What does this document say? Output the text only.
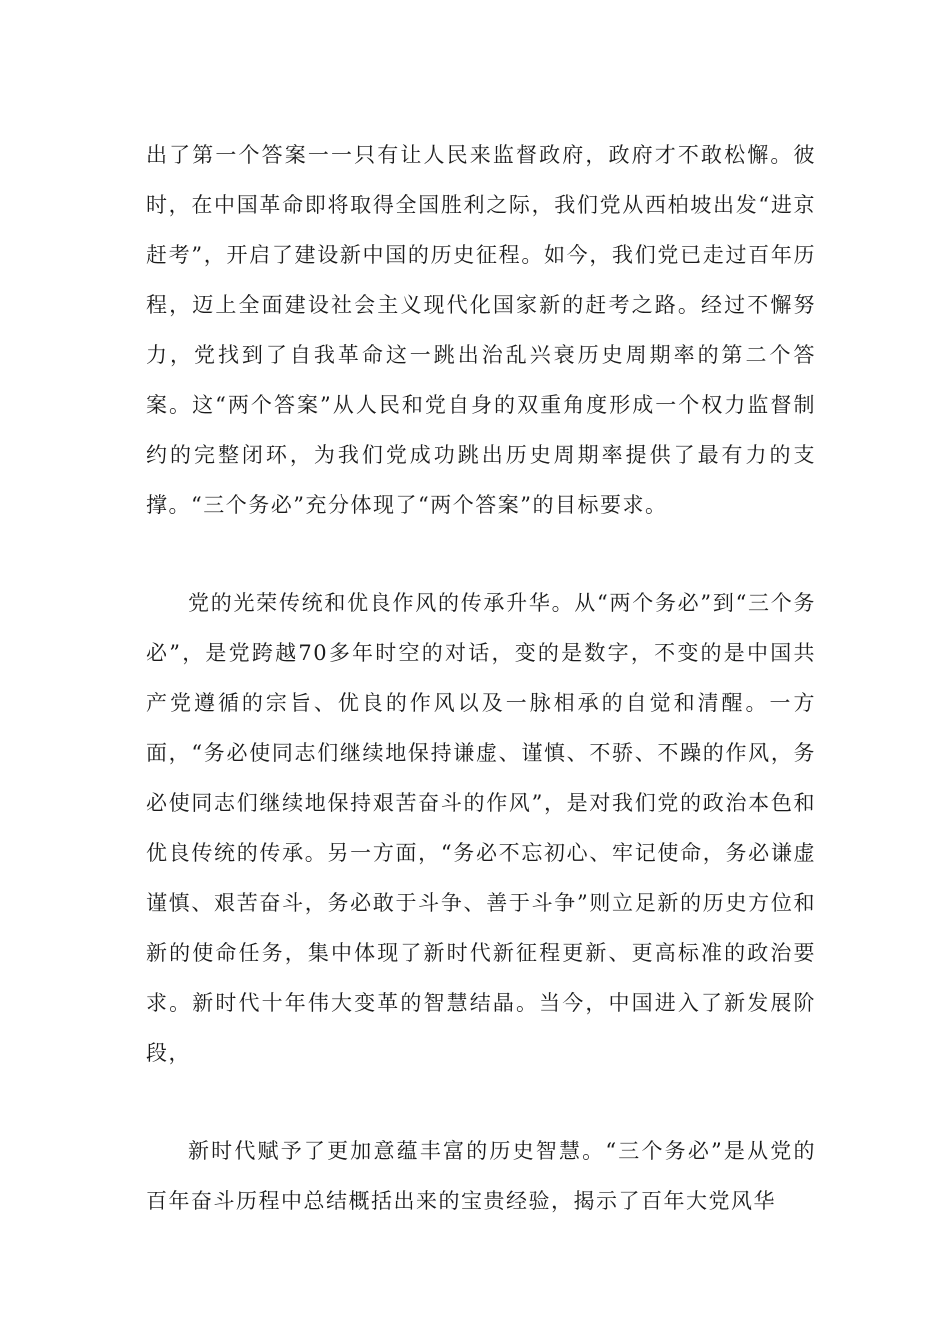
出了第一个答案一一只有让人民来监督政府，政府才不敢松懈。彼时，在中国革命即将取得全国胜利之际，我们党从西柏坡出发“进京赶考”，开启了建设新中国的历史征程。如今，我们党已走过百年历程，迈上全面建设社会主义现代化国家新的赶考之路。经过不懈努力，党找到了自我革命这一跳出治乱兴衰历史周期率的第二个答案。这“两个答案”从人民和党自身的双重角度形成一个权力监督制约的完整闭环，为我们党成功跳出历史周期率提供了最有力的支撑。“三个务必”充分体现了“两个答案”的目标要求。

党的光荣传统和优良作风的传承升华。从“两个务必”到“三个务必”，是党跨越70多年时空的对话，变的是数字，不变的是中国共产党遵循的宗旨、优良的作风以及一脉相承的自觉和清醒。一方面，“务必使同志们继续地保持谦虚、谨慎、不骄、不躁的作风，务必使同志们继续地保持艰苦奋斗的作风”，是对我们党的政治本色和优良传统的传承。另一方面，“务必不忘初心、牢记使命，务必谦虚谨慎、艰苦奋斗，务必敢于斗争、善于斗争”则立足新的历史方位和新的使命任务，集中体现了新时代新征程更新、更高标准的政治要求。新时代十年伟大变革的智慧结晶。当今，中国进入了新发展阶段，

新时代赋予了更加意蕴丰富的历史智慧。“三个务必”是从党的百年奋斗历程中总结概括出来的宝贵经验，揭示了百年大党风华
